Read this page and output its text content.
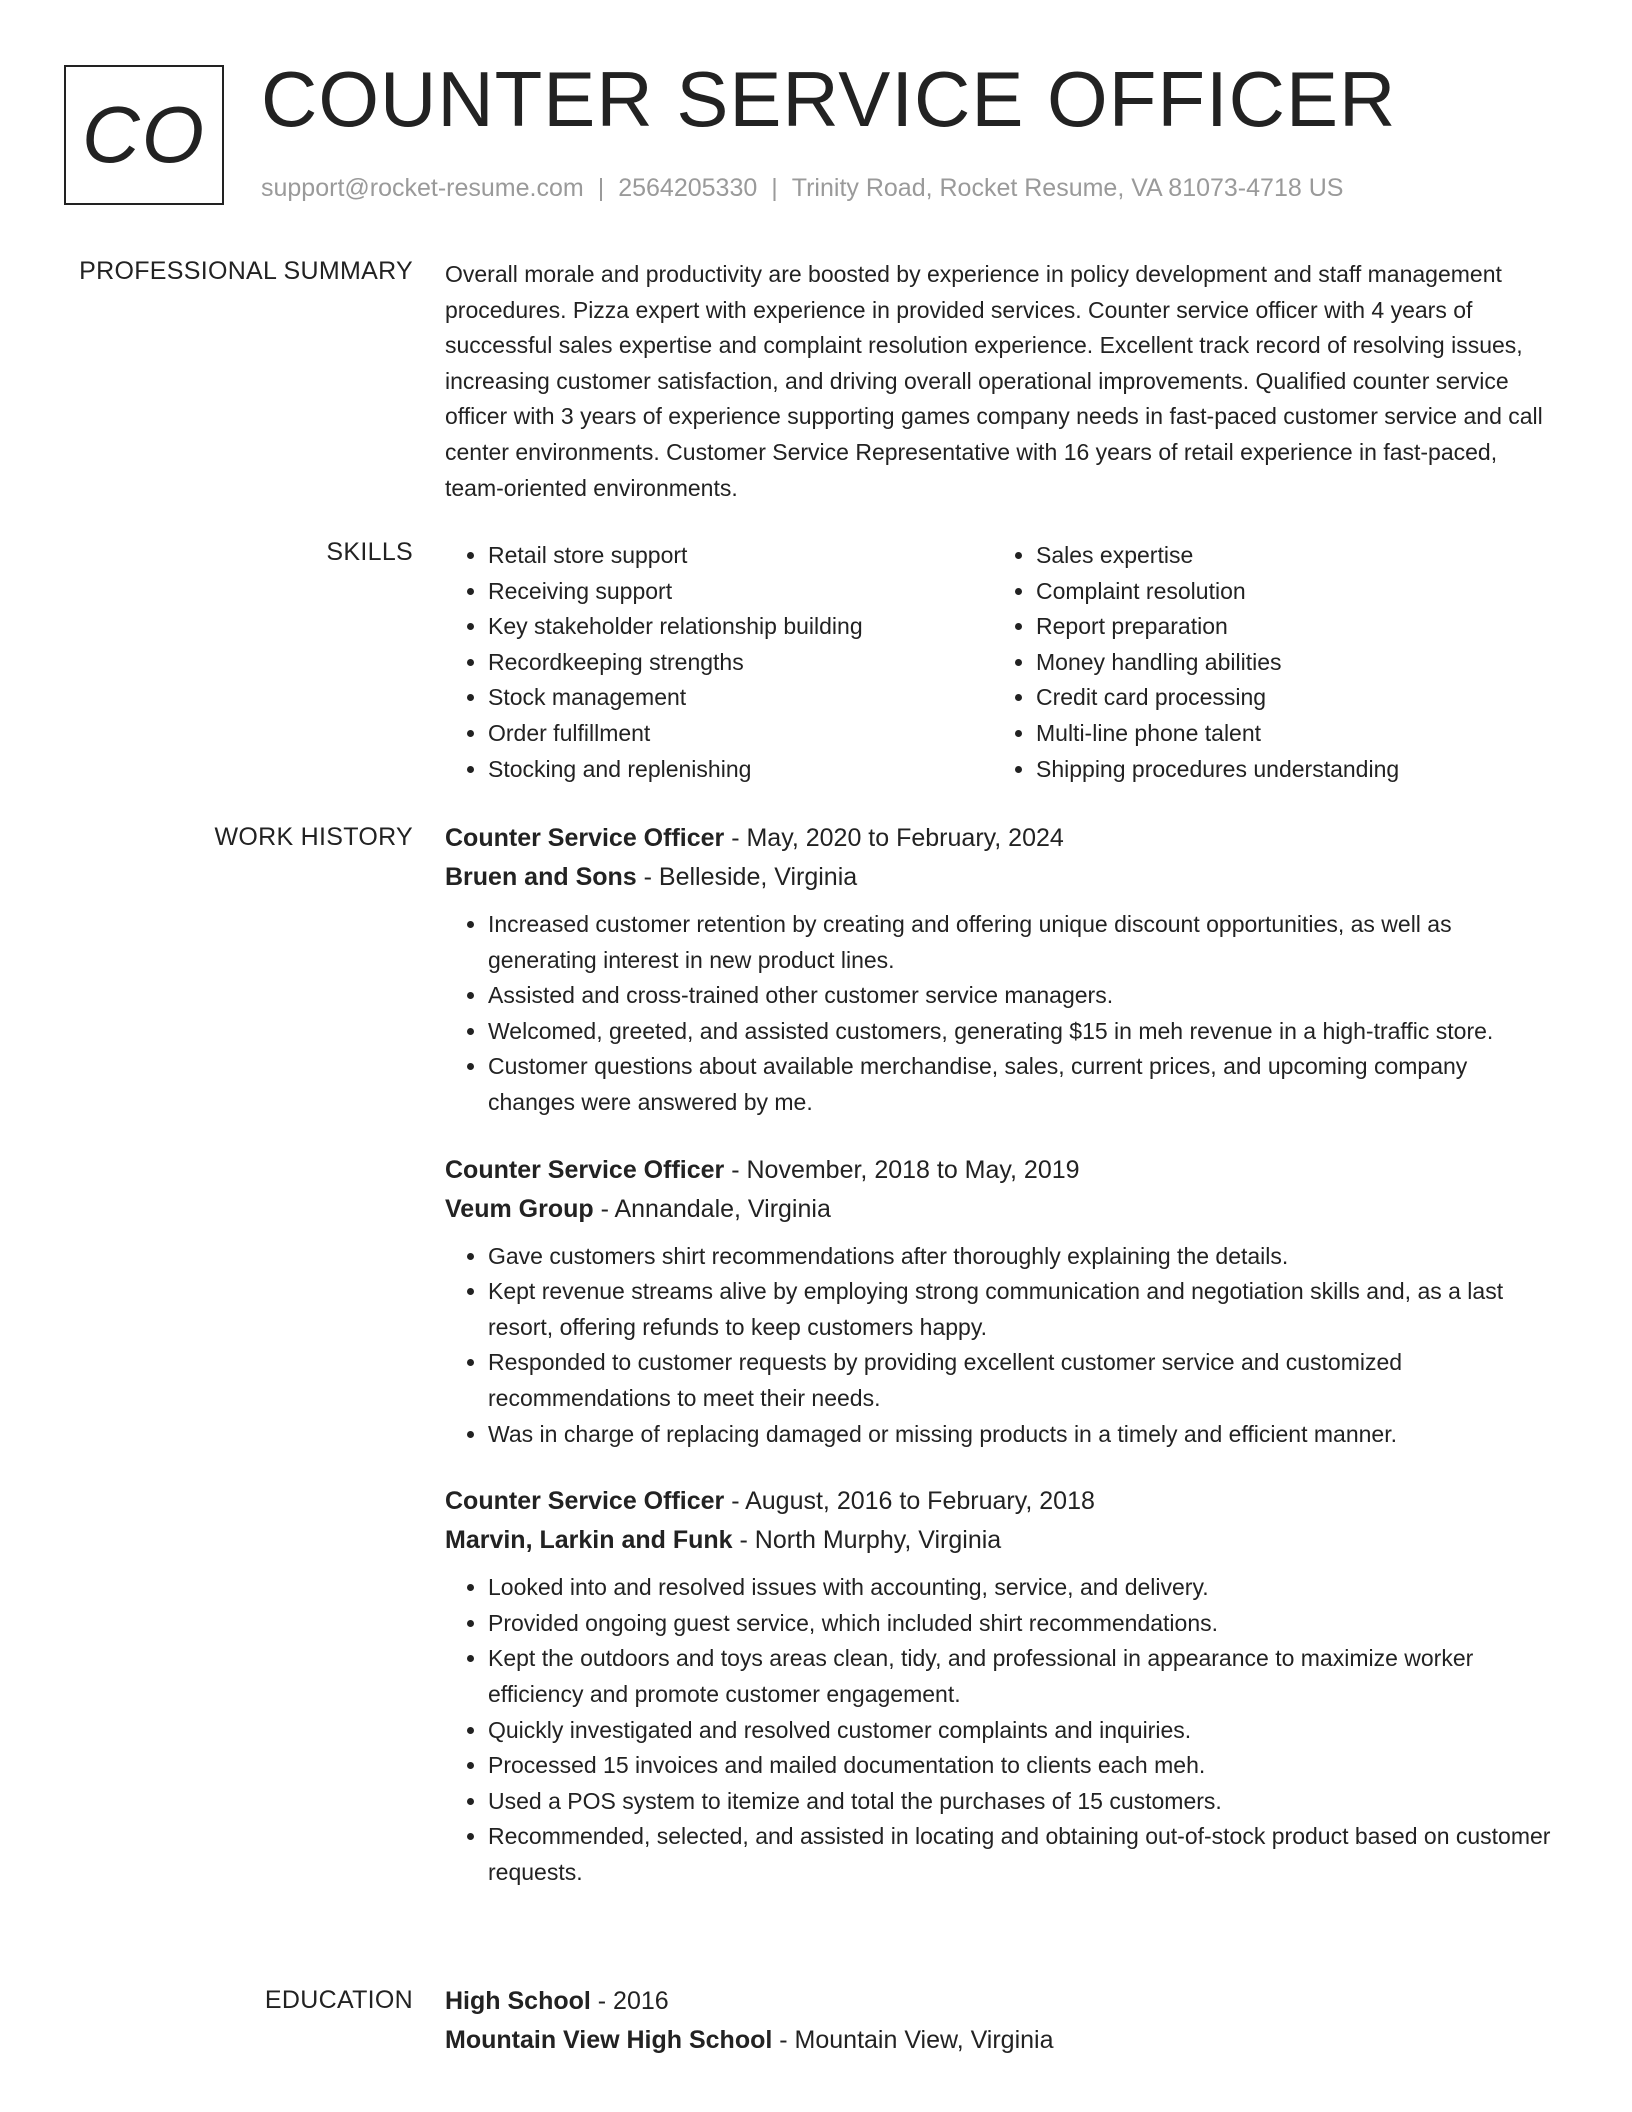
CO COUNTER SERVICE OFFICER
support@rocket-resume.com | 2564205330 | Trinity Road, Rocket Resume, VA 81073-4718 US
PROFESSIONAL SUMMARY Overall morale and productivity are boosted by experience in policy development and staff management procedures. Pizza expert with experience in provided services. Counter service officer with 4 years of successful sales expertise and complaint resolution experience. Excellent track record of resolving issues, increasing customer satisfaction, and driving overall operational improvements. Qualified counter service officer with 3 years of experience supporting games company needs in fast-paced customer service and call center environments. Customer Service Representative with 16 years of retail experience in fast-paced, team-oriented environments.

SKILLS
•	Retail store support
• Receiving support
• Key stakeholder relationship building
• Recordkeeping strengths
• Stock management
• Order fulfillment
• Stocking and replenishing
• Sales expertise
• Complaint resolution
• Report preparation
• Money handling abilities
• Credit card processing
• Multi-line phone talent
• Shipping procedures understanding
WORK HISTORY Counter Service Officer - May, 2020 to February, 2024
Bruen and Sons - Belleside, Virginia
• Increased customer retention by creating and offering unique discount opportunities, as well as generating interest in new product lines.
• Assisted and cross-trained other customer service managers.
• Welcomed, greeted, and assisted customers, generating $15 in meh revenue in a high-traffic store.
• Customer questions about available merchandise, sales, current prices, and upcoming company changes were answered by me.
Counter Service Officer - November, 2018 to May, 2019
Veum Group - Annandale, Virginia
• Gave customers shirt recommendations after thoroughly explaining the details.
• Kept revenue streams alive by employing strong communication and negotiation skills and, as a last resort, offering refunds to keep customers happy.
• Responded to customer requests by providing excellent customer service and customized recommendations to meet their needs.
• Was in charge of replacing damaged or missing products in a timely and efficient manner.
Counter Service Officer - August, 2016 to February, 2018
Marvin, Larkin and Funk - North Murphy, Virginia
• Looked into and resolved issues with accounting, service, and delivery.
• Provided ongoing guest service, which included shirt recommendations.
• Kept the outdoors and toys areas clean, tidy, and professional in appearance to maximize worker efficiency and promote customer engagement.
• Quickly investigated and resolved customer complaints and inquiries.
• Processed 15 invoices and mailed documentation to clients each meh.
• Used a POS system to itemize and total the purchases of 15 customers.
• Recommended, selected, and assisted in locating and obtaining out-of-stock product based on customer requests.
EDUCATION High School - 2016
Mountain View High School - Mountain View, Virginia
